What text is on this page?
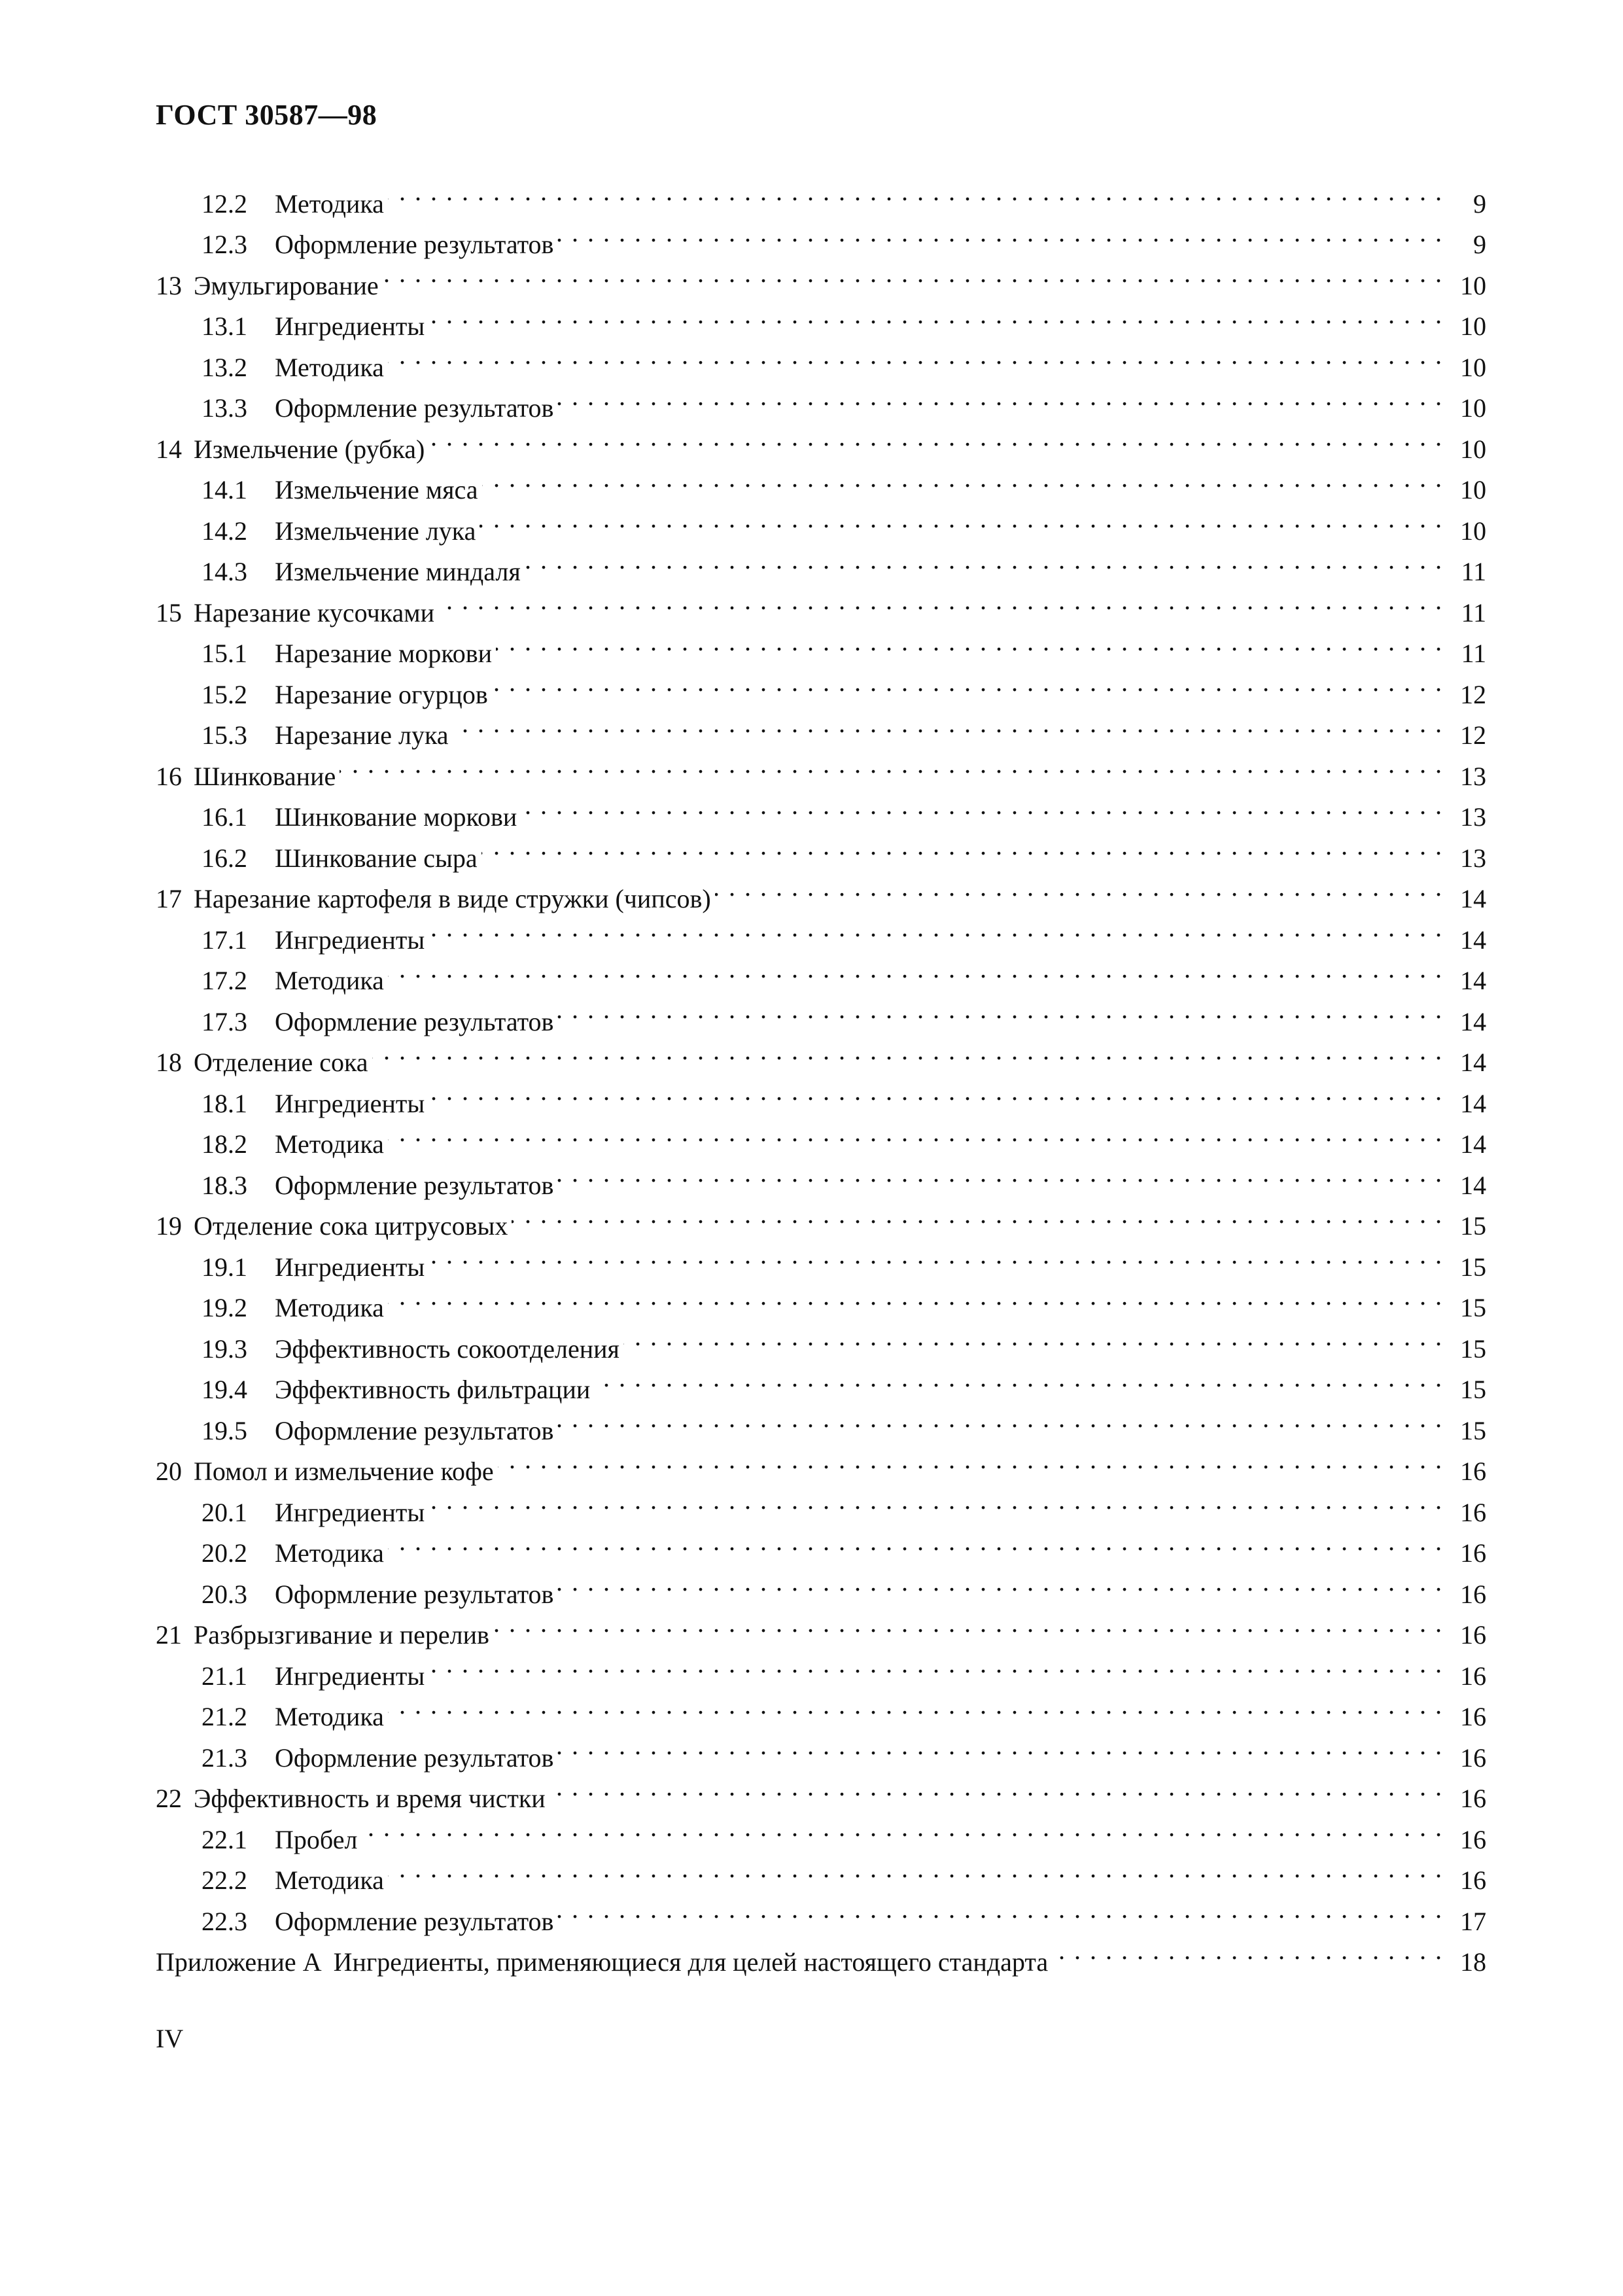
ГОСТ 30587—98
12.2	Методика . . .	9
12.3	Оформление результатов . . .	9
13 Эмульгирование . . .	10
13.1	Ингредиенты . . .	10
13.2	Методика . . .	10
13.3	Оформление результатов . . .	10
14 Измельчение (рубка) . . .	10
14.1	Измельчение мяса . . .	10
14.2	Измельчение лука . . .	10
14.3	Измельчение миндаля . . .	11
15 Нарезание кусочками . . .	11
15.1	Нарезание моркови . . .	11
15.2	Нарезание огурцов . . .	12
15.3	Нарезание лука . . .	12
16 Шинкование . . .	13
16.1	Шинкование моркови . . .	13
16.2	Шинкование сыра . . .	13
17 Нарезание картофеля в виде стружки (чипсов) . . .	14
17.1	Ингредиенты . . .	14
17.2	Методика . . .	14
17.3	Оформление результатов . . .	14
18 Отделение сока . . .	14
18.1	Ингредиенты . . .	14
18.2	Методика . . .	14
18.3	Оформление результатов . . .	14
19 Отделение сока цитрусовых . . .	15
19.1	Ингредиенты . . .	15
19.2	Методика . . .	15
19.3	Эффективность сокоотделения . . .	15
19.4	Эффективность фильтрации . . .	15
19.5	Оформление результатов . . .	15
20 Помол и измельчение кофе . . .	16
20.1	Ингредиенты . . .	16
20.2	Методика . . .	16
20.3	Оформление результатов . . .	16
21 Разбрызгивание и перелив . . .	16
21.1	Ингредиенты . . .	16
21.2	Методика . . .	16
21.3	Оформление результатов . . .	16
22 Эффективность и время чистки . . .	16
22.1	Пробел . . .	16
22.2	Методика . . .	16
22.3	Оформление результатов . . .	17
Приложение А Ингредиенты, применяющиеся для целей настоящего стандарта . . .	18
IV
